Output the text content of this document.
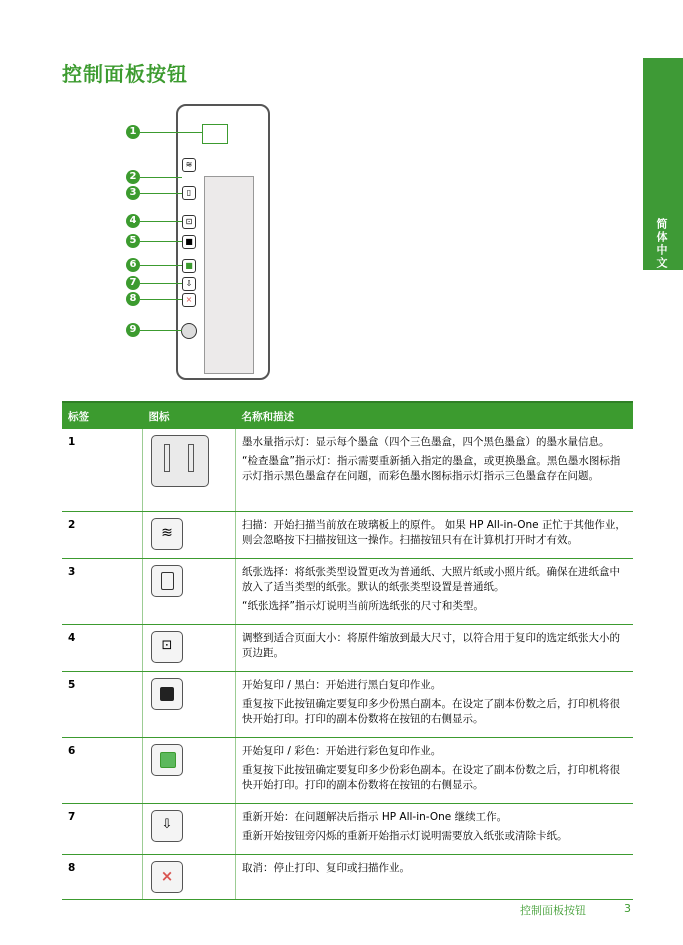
控制面板按钮
简体中文
≋
▯
⊡
■
■
⇩
×
1
2
3
4
5
6
7
8
9
标签	图标	名称和描述
1		墨水量指示灯：显示每个墨盒（四个三色墨盒，四个黑色墨盒）的墨水量信息。

“检查墨盒”指示灯：指示需要重新插入指定的墨盒，或更换墨盒。黑色墨水图标指示灯指示黑色墨盒存在问题，而彩色墨水图标指示灯指示三色墨盒存在问题。

2	≋	扫描：开始扫描当前放在玻璃板上的原件。 如果 HP All-in-One 正忙于其他作业，则会忽略按下扫描按钮这一操作。扫描按钮只有在计算机打开时才有效。

3		纸张选择：将纸张类型设置更改为普通纸、大照片纸或小照片纸。确保在进纸盒中放入了适当类型的纸张。默认的纸张类型设置是普通纸。

“纸张选择”指示灯说明当前所选纸张的尺寸和类型。

4	⊡	调整到适合页面大小：将原件缩放到最大尺寸，以符合用于复印的选定纸张大小的页边距。

5		开始复印 / 黑白：开始进行黑白复印作业。

重复按下此按钮确定要复印多少份黑白副本。在设定了副本份数之后，打印机将很快开始打印。打印的副本份数将在按钮的右侧显示。

6		开始复印 / 彩色：开始进行彩色复印作业。

重复按下此按钮确定要复印多少份彩色副本。在设定了副本份数之后，打印机将很快开始打印。打印的副本份数将在按钮的右侧显示。

7	⇩	重新开始：在问题解决后指示 HP All-in-One 继续工作。

重新开始按钮旁闪烁的重新开始指示灯说明需要放入纸张或清除卡纸。

8	×	取消：停止打印、复印或扫描作业。

控制面板按钮	3
